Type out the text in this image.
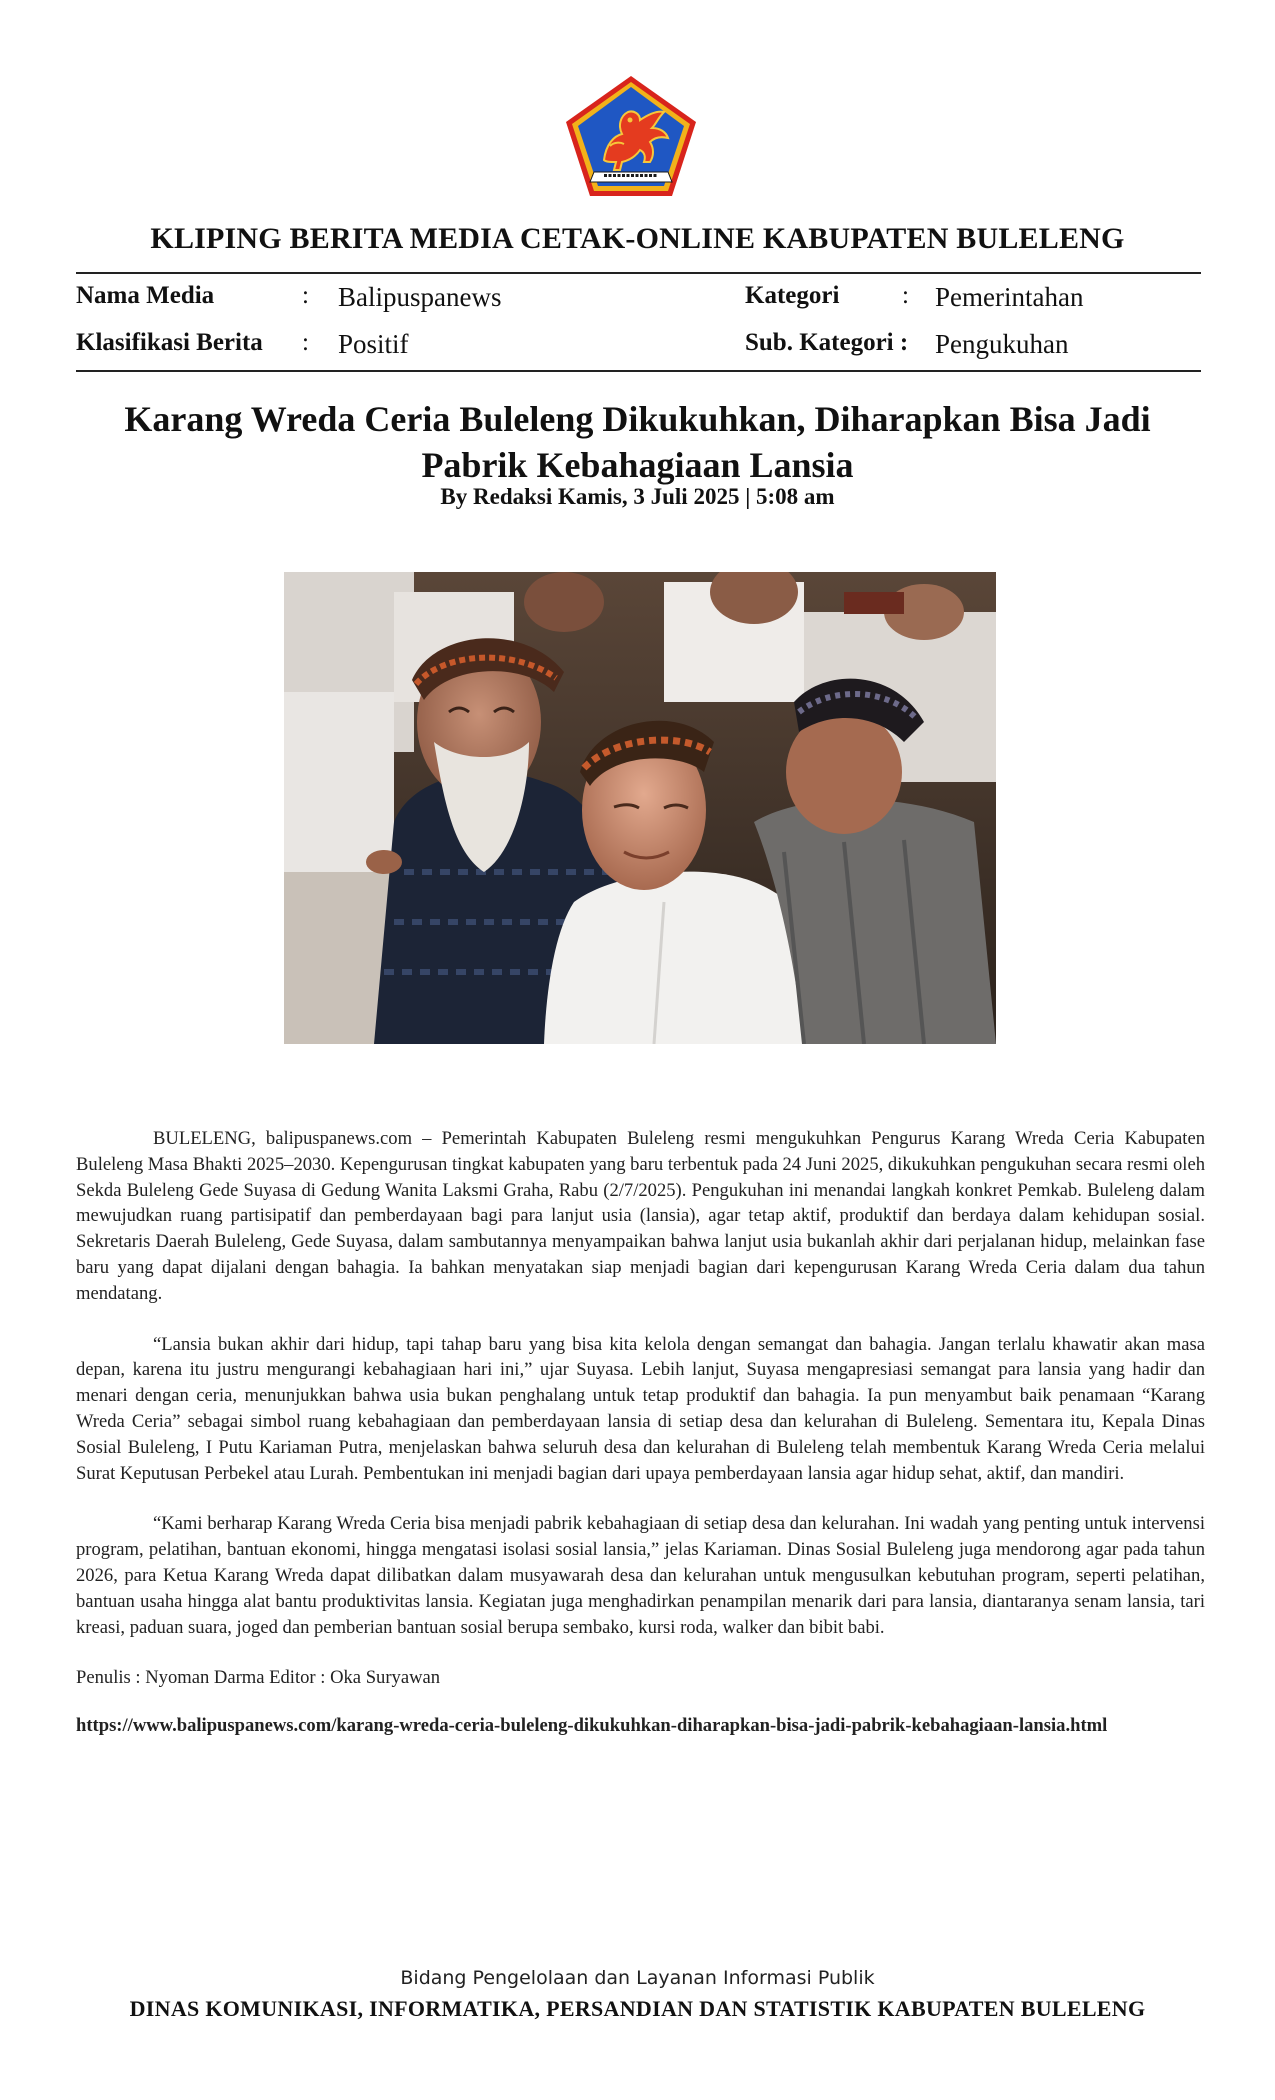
KLIPING BERITA MEDIA CETAK-ONLINE KABUPATEN BULELENG
Nama Media	: Balipuspanews	Kategori	: Pemerintahan
Klasifikasi Berita : Positif	Sub. Kategori : Pengukuhan
Karang Wreda Ceria Buleleng Dikukuhkan, Diharapkan Bisa Jadi
Pabrik Kebahagiaan Lansia
By Redaksi Kamis, 3 Juli 2025 | 5:08 am

BULELENG, balipuspanews.com – Pemerintah Kabupaten Buleleng resmi mengukuhkan Pengurus Karang Wreda Ceria Kabupaten Buleleng Masa Bhakti 2025–2030. Kepengurusan tingkat kabupaten yang baru terbentuk pada 24 Juni 2025, dikukuhkan pengukuhan secara resmi oleh Sekda Buleleng Gede Suyasa di Gedung Wanita Laksmi Graha, Rabu (2/7/2025). Pengukuhan ini menandai langkah konkret Pemkab. Buleleng dalam mewujudkan ruang partisipatif dan pemberdayaan bagi para lanjut usia (lansia), agar tetap aktif, produktif dan berdaya dalam kehidupan sosial. Sekretaris Daerah Buleleng, Gede Suyasa, dalam sambutannya menyampaikan bahwa lanjut usia bukanlah akhir dari perjalanan hidup, melainkan fase baru yang dapat dijalani dengan bahagia. Ia bahkan menyatakan siap menjadi bagian dari kepengurusan Karang Wreda Ceria dalam dua tahun mendatang.

“Lansia bukan akhir dari hidup, tapi tahap baru yang bisa kita kelola dengan semangat dan bahagia. Jangan terlalu khawatir akan masa depan, karena itu justru mengurangi kebahagiaan hari ini,” ujar Suyasa. Lebih lanjut, Suyasa mengapresiasi semangat para lansia yang hadir dan menari dengan ceria, menunjukkan bahwa usia bukan penghalang untuk tetap produktif dan bahagia. Ia pun menyambut baik penamaan “Karang Wreda Ceria” sebagai simbol ruang kebahagiaan dan pemberdayaan lansia di setiap desa dan kelurahan di Buleleng. Sementara itu, Kepala Dinas Sosial Buleleng, I Putu Kariaman Putra, menjelaskan bahwa seluruh desa dan kelurahan di Buleleng telah membentuk Karang Wreda Ceria melalui Surat Keputusan Perbekel atau Lurah. Pembentukan ini menjadi bagian dari upaya pemberdayaan lansia agar hidup sehat, aktif, dan mandiri.

“Kami berharap Karang Wreda Ceria bisa menjadi pabrik kebahagiaan di setiap desa dan kelurahan. Ini wadah yang penting untuk intervensi program, pelatihan, bantuan ekonomi, hingga mengatasi isolasi sosial lansia,” jelas Kariaman. Dinas Sosial Buleleng juga mendorong agar pada tahun 2026, para Ketua Karang Wreda dapat dilibatkan dalam musyawarah desa dan kelurahan untuk mengusulkan kebutuhan program, seperti pelatihan, bantuan usaha hingga alat bantu produktivitas lansia. Kegiatan juga menghadirkan penampilan menarik dari para lansia, diantaranya senam lansia, tari kreasi, paduan suara, joged dan pemberian bantuan sosial berupa sembako, kursi roda, walker dan bibit babi.

Penulis : Nyoman Darma Editor : Oka Suryawan
https://www.balipuspanews.com/karang-wreda-ceria-buleleng-dikukuhkan-diharapkan-bisa-jadi-pabrik-kebahagiaan-lansia.html
Bidang Pengelolaan dan Layanan Informasi Publik
DINAS KOMUNIKASI, INFORMATIKA, PERSANDIAN DAN STATISTIK KABUPATEN BULELENG
